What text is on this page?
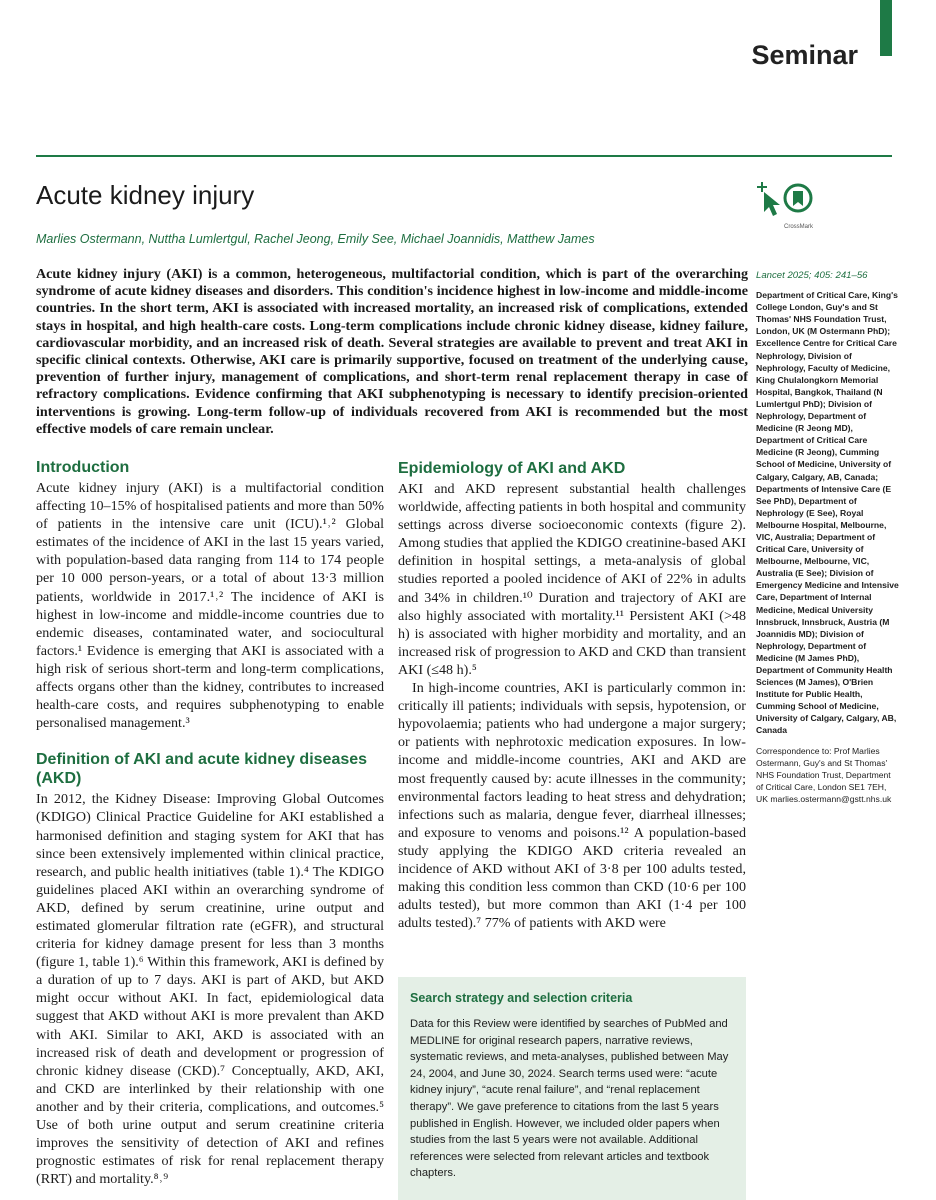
Seminar
Acute kidney injury
CrossMark
Marlies Ostermann, Nuttha Lumlertgul, Rachel Jeong, Emily See, Michael Joannidis, Matthew James

Acute kidney injury (AKI) is a common, heterogeneous, multifactorial condition, which is part of the overarching syndrome of acute kidney diseases and disorders. This condition's incidence highest in low-income and middle-income countries. In the short term, AKI is associated with increased mortality, an increased risk of complications, extended stays in hospital, and high health-care costs. Long-term complications include chronic kidney disease, kidney failure, cardiovascular morbidity, and an increased risk of death. Several strategies are available to prevent and treat AKI in specific clinical contexts. Otherwise, AKI care is primarily supportive, focused on treatment of the underlying cause, prevention of further injury, management of complications, and short-term renal replacement therapy in case of refractory complications. Evidence confirming that AKI subphenotyping is necessary to identify precision-oriented interventions is growing. Long-term follow-up of individuals recovered from AKI is recommended but the most effective models of care remain unclear.

Introduction

Acute kidney injury (AKI) is a multifactorial condition affecting 10–15% of hospitalised patients and more than 50% of patients in the intensive care unit (ICU).¹˒² Global estimates of the incidence of AKI in the last 15 years varied, with population-based data ranging from 114 to 174 people per 10 000 person-years, or a total of about 13·3 million patients, worldwide in 2017.¹˒² The incidence of AKI is highest in low-income and middle-income countries due to endemic diseases, contaminated water, and sociocultural factors.¹ Evidence is emerging that AKI is associated with a high risk of serious short-term and long-term complications, affects organs other than the kidney, contributes to increased health-care costs, and requires subphenotyping to enable personalised management.³

Definition of AKI and acute kidney diseases (AKD)

In 2012, the Kidney Disease: Improving Global Outcomes (KDIGO) Clinical Practice Guideline for AKI established a harmonised definition and staging system for AKI that has since been extensively implemented within clinical practice, research, and public health initiatives (table 1).⁴ The KDIGO guidelines placed AKI within an overarching syndrome of AKD, defined by serum creatinine, urine output and estimated glomerular filtration rate (eGFR), and structural criteria for kidney damage present for less than 3 months (figure 1, table 1).⁶ Within this framework, AKI is defined by a duration of up to 7 days. AKI is part of AKD, but AKD might occur without AKI. In fact, epidemiological data suggest that AKD without AKI is more prevalent than AKD with AKI. Similar to AKI, AKD is associated with an increased risk of death and development or progression of chronic kidney disease (CKD).⁷ Conceptually, AKD, AKI, and CKD are interlinked by their relationship with one another and by their criteria, complications, and outcomes.⁵ Use of both urine output and serum creatinine criteria improves the sensitivity of detection of AKI and refines prognostic estimates of risk for renal replacement therapy (RRT) and mortality.⁸˒⁹

Epidemiology of AKI and AKD

AKI and AKD represent substantial health challenges worldwide, affecting patients in both hospital and community settings across diverse socioeconomic contexts (figure 2). Among studies that applied the KDIGO creatinine-based AKI definition in hospital settings, a meta-analysis of global studies reported a pooled incidence of AKI of 22% in adults and 34% in children.¹⁰ Duration and trajectory of AKI are also highly associated with mortality.¹¹ Persistent AKI (>48 h) is associated with higher morbidity and mortality, and an increased risk of progression to AKD and CKD than transient AKI (≤48 h).⁵

In high-income countries, AKI is particularly common in: critically ill patients; individuals with sepsis, hypotension, or hypovolaemia; patients who had undergone a major surgery; or patients with nephrotoxic medication exposures. In low-income and middle-income countries, AKI and AKD are most frequently caused by: acute illnesses in the community; environmental factors leading to heat stress and dehydration; infections such as malaria, dengue fever, diarrheal illnesses; and exposure to venoms and poisons.¹² A population-based study applying the KDIGO AKD criteria revealed an incidence of AKD without AKI of 3·8 per 100 adults tested, making this condition less common than CKD (10·6 per 100 adults tested), but more common than AKI (1·4 per 100 adults tested).⁷ 77% of patients with AKD were

Lancet 2025; 405: 241–56

Department of Critical Care, King's College London, Guy's and St Thomas' NHS Foundation Trust, London, UK (M Ostermann PhD); Excellence Centre for Critical Care Nephrology, Division of Nephrology, Faculty of Medicine, King Chulalongkorn Memorial Hospital, Bangkok, Thailand (N Lumlertgul PhD); Division of Nephrology, Department of Medicine (R Jeong MD), Department of Critical Care Medicine (R Jeong), Cumming School of Medicine, University of Calgary, Calgary, AB, Canada; Departments of Intensive Care (E See PhD), Department of Nephrology (E See), Royal Melbourne Hospital, Melbourne, VIC, Australia; Department of Critical Care, University of Melbourne, Melbourne, VIC, Australia (E See); Division of Emergency Medicine and Intensive Care, Department of Internal Medicine, Medical University Innsbruck, Innsbruck, Austria (M Joannidis MD); Division of Nephrology, Department of Medicine (M James PhD), Department of Community Health Sciences (M James), O'Brien Institute for Public Health, Cumming School of Medicine, University of Calgary, Calgary, AB, Canada

Correspondence to: Prof Marlies Ostermann, Guy's and St Thomas' NHS Foundation Trust, Department of Critical Care, London SE1 7EH, UK marlies.ostermann@gstt.nhs.uk

Search strategy and selection criteria

Data for this Review were identified by searches of PubMed and MEDLINE for original research papers, narrative reviews, systematic reviews, and meta-analyses, published between May 24, 2004, and June 30, 2024. Search terms used were: “acute kidney injury”, “acute renal failure”, and “renal replacement therapy”. We gave preference to citations from the last 5 years published in English. However, we included older papers when studies from the last 5 years were not available. Additional references were selected from relevant articles and textbook chapters.
